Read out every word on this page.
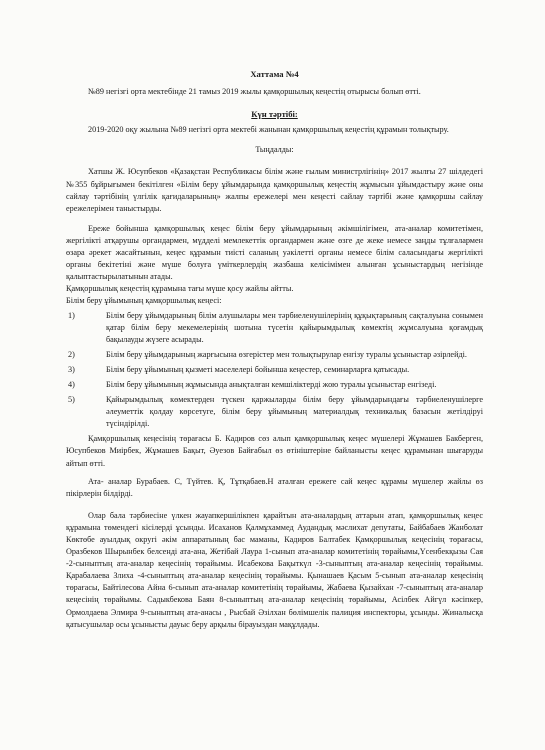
Хаттама №4

№89 негізгі орта мектебінде 21 тамыз 2019 жылы қамқоршылық кеңестің отырысы болып өтті.

Күн тәртібі:

2019-2020 оқу жылына №89 негізгі орта мектебі жанынан қамқоршылық кеңестің құрамын толықтыру.

Тыңдалды:

Хатшы Ж. Юсупбеков «Қазақстан Республикасы білім және ғылым министрлігінің» 2017 жылғы 27 шілдедегі №355 бұйрығымен бекітілген «Білім беру ұйымдарында қамқоршылық кеңестің жұмысын ұйымдастыру және оны сайлау тәртібінің үлгілік қағидаларының» жалпы ережелері мен кеңесті сайлау тәртібі және қамқоршы сайлау ережелерімен таныстырды.

Ереже бойынша қамқоршылық кеңес білім беру ұйымдарының әкімшілігімен, ата-аналар комитетімен, жергілікті атқарушы органдармен, мүдделі мемлекеттік органдармен және өзге де жеке немесе заңды тұлғалармен өзара әрекет жасайтынын, кеңес құрамын тиісті саланың уәкілетті органы немесе білім саласындағы жергілікті органы бекітетіні және мүше болуға үміткерлердің жазбаша келісімімен алынған ұсыныстардың негізінде қалыптастырылатынын атады.

Қамқоршылық кеңестің құрамына тағы мүше қосу жайлы айтты.

Білім беру ұйымының қамқоршылық кеңесі:

1)	Білім беру ұйымдарының білім алушылары мен тәрбиеленушілерінің құқықтарының сақталуына сонымен қатар білім беру мекемелерінің шотына түсетін қайырымдылық көмектің жұмсалуына қоғамдық бақылауды жүзеге асырады.
2)	Білім беру ұйымдарының жарғысына өзгерістер мен толықтырулар енгізу туралы ұсыныстар әзірлейді.
3)	Білім беру ұйымының қызметі мәселелері бойынша кеңестер, семинарларға қатысады.
4)	Білім беру ұйымының жұмысында анықталған кемшіліктерді жою туралы ұсыныстар енгізеді.
5)	Қайырымдылық көмектерден түскен қаржыларды білім беру ұйымдарындағы тәрбиеленушілерге әлеуметтік қолдау көрсетуге, білім беру ұйымының материалдық техникалық базасын жетілдіруі түсіндірілді.

Қамқоршылық кеңесінің төрағасы Б. Кадиров сөз алып қамқоршылық кеңес мүшелері Жұмашев Бакберген, Юсупбеков Миірбек, Жұмашев Бақыт, Әуезов Байғабыл өз өтініштеріне байланысты кеңес құрамынан шығаруды айтып өтті.

Ата- аналар Бурабаев. С, Түйтев. Қ, Тұтқабаев.Н аталған ережеге сай кеңес құрамы мүшелер жайлы өз пікірлерін білдірді.

Олар бала тәрбиесіне үлкен жауапкершілікпен қарайтын ата-аналардың аттарын атап, қамқоршылық кеңес құрамына төмендегі кісілерді ұсынды. Исаханов Қалмұхаммед Аудандық мәслихат депутаты, Байбабаев Жанболат Көктөбе ауылдық округі әкім аппаратының бас маманы, Кадиров Балтабек Қамқоршылық кеңесінің төрағасы, Оразбеков Шырынбек белсенді ата-ана, Жетібай Лаура 1-сынып ата-аналар комитетінің төрайымы,Үсенбекқызы Сая -2-сыныптың ата-аналар кеңесінің төрайымы. Исабекова Бақыткүл -3-сыныптың ата-аналар кеңесінің төрайымы. Қарабалаева Злиха -4-сыныптың ата-аналар кеңесінің төрайымы. Қынашаев Қасым 5-сынып ата-аналар кеңесінің төрағасы, Байтілесова Айна 6-сынып ата-аналар комитетінің төрайымы, Жабаева Қызайхан -7-сыныптың ата-аналар кеңесінің төрайымы. Садыкбекова Баян 8-сыныптың ата-аналар кеңесінің төрайымы, Асілбек Айгүл кәсіпкер, Ормолдаева Элмира 9-сыныптың ата-анасы , Рысбай Әзілхан бөлімшелік палиция инспекторы, ұсынды. Жиналысқа қатысушылар осы ұсынысты дауыс беру арқылы бірауыздан мақұлдады.
